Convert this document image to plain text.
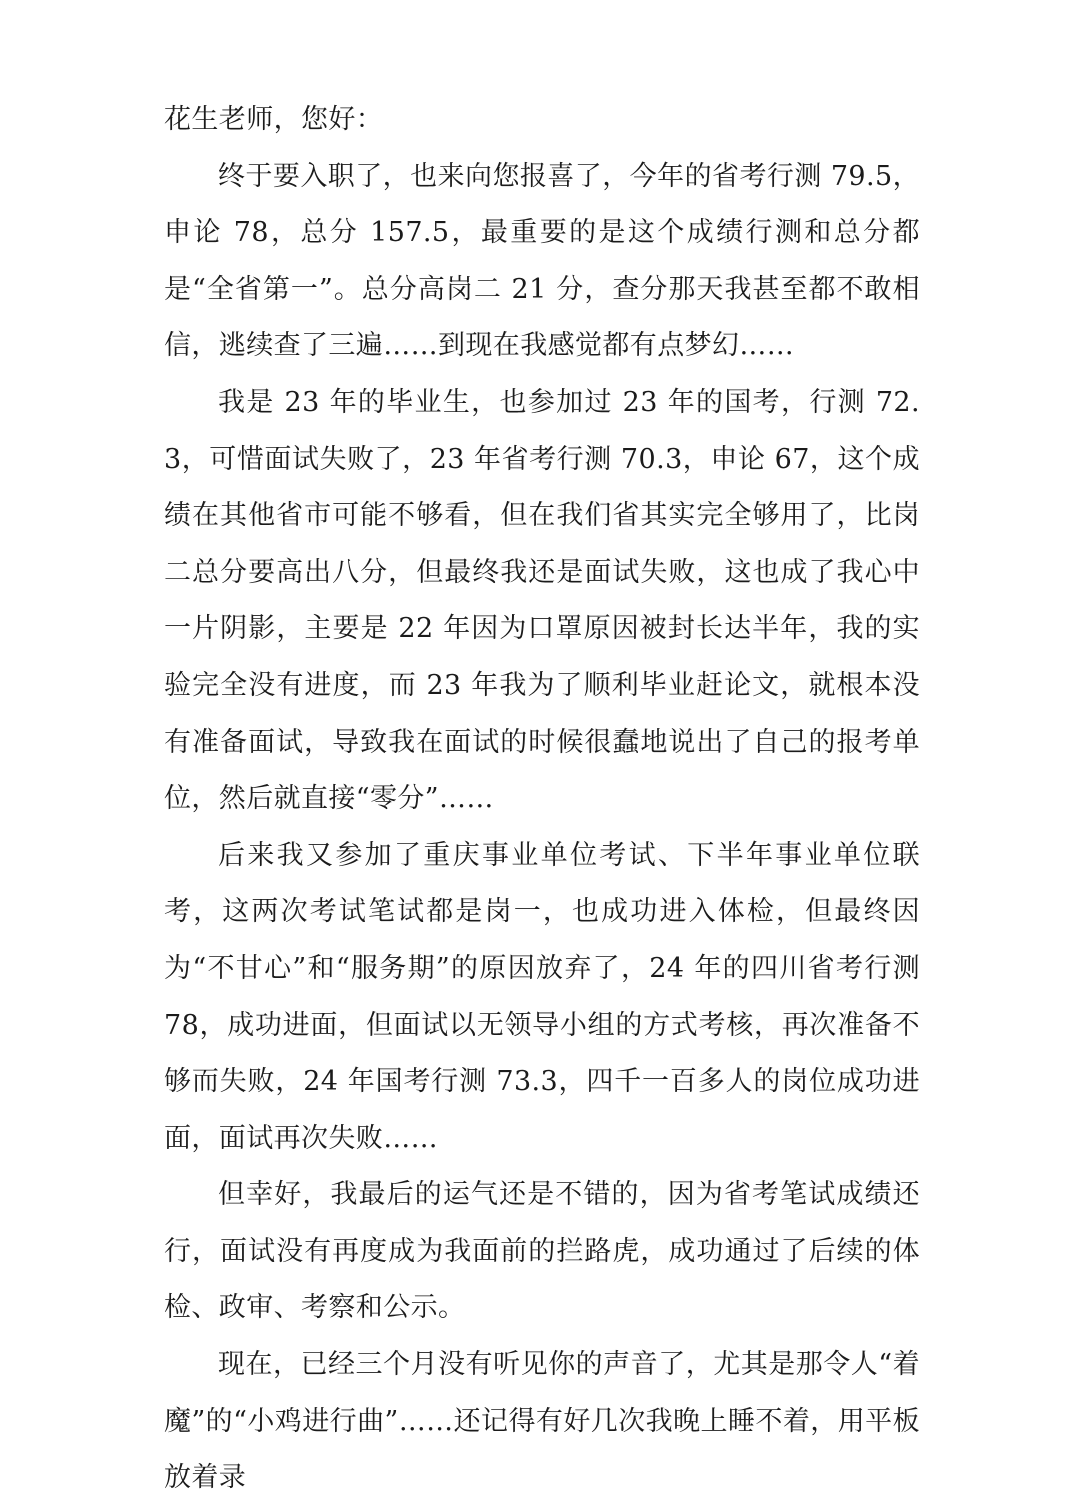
花生老师，您好：

终于要入职了，也来向您报喜了，今年的省考行测 79.5，申论 78，总分 157.5，最重要的是这个成绩行测和总分都是“全省第一”。总分高岗二 21 分，查分那天我甚至都不敢相信，逃续查了三遍……到现在我感觉都有点梦幻……

我是 23 年的毕业生，也参加过 23 年的国考，行测 72.3，可惜面试失败了，23 年省考行测 70.3，申论 67，这个成绩在其他省市可能不够看，但在我们省其实完全够用了，比岗二总分要高出八分，但最终我还是面试失败，这也成了我心中一片阴影，主要是 22 年因为口罩原因被封长达半年，我的实验完全没有进度，而 23 年我为了顺利毕业赶论文，就根本没有准备面试，导致我在面试的时候很蠢地说出了自己的报考单位，然后就直接“零分”……

后来我又参加了重庆事业单位考试、下半年事业单位联考，这两次考试笔试都是岗一，也成功进入体检，但最终因为“不甘心”和“服务期”的原因放弃了，24 年的四川省考行测 78，成功进面，但面试以无领导小组的方式考核，再次准备不够而失败，24 年国考行测 73.3，四千一百多人的岗位成功进面，面试再次失败……

但幸好，我最后的运气还是不错的，因为省考笔试成绩还行，面试没有再度成为我面前的拦路虎，成功通过了后续的体检、政审、考察和公示。

现在，已经三个月没有听见你的声音了，尤其是那令人“着魔”的“小鸡进行曲”……还记得有好几次我晚上睡不着，用平板放着录
